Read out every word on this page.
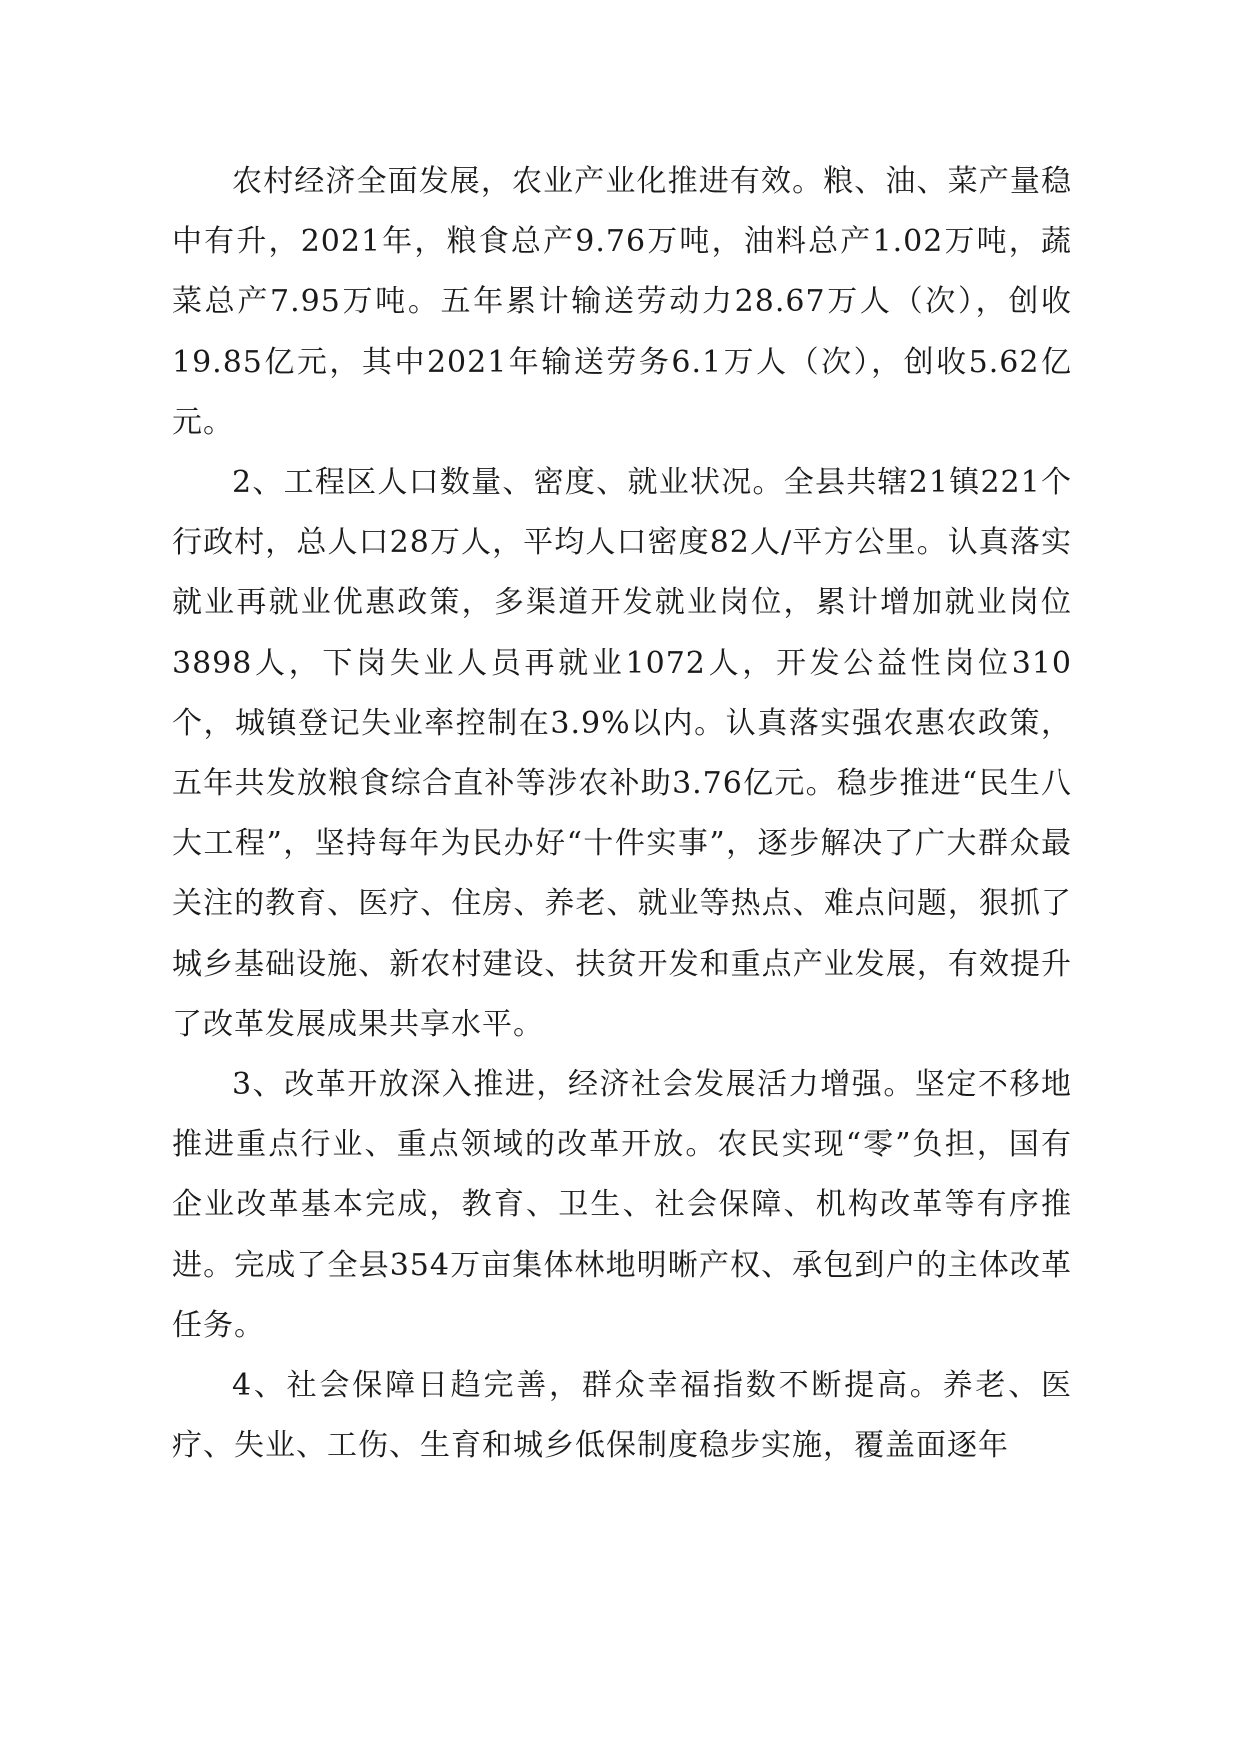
农村经济全面发展，农业产业化推进有效。粮、油、菜产量稳中有升，2021年，粮食总产9.76万吨，油料总产1.02万吨，蔬菜总产7.95万吨。五年累计输送劳动力28.67万人（次），创收19.85亿元，其中2021年输送劳务6.1万人（次），创收5.62亿元。

2、工程区人口数量、密度、就业状况。全县共辖21镇221个行政村，总人口28万人，平均人口密度82人/平方公里。认真落实就业再就业优惠政策，多渠道开发就业岗位，累计增加就业岗位3898人，下岗失业人员再就业1072人，开发公益性岗位310个，城镇登记失业率控制在3.9%以内。认真落实强农惠农政策，五年共发放粮食综合直补等涉农补助3.76亿元。稳步推进“民生八大工程”，坚持每年为民办好“十件实事”，逐步解决了广大群众最关注的教育、医疗、住房、养老、就业等热点、难点问题，狠抓了城乡基础设施、新农村建设、扶贫开发和重点产业发展，有效提升了改革发展成果共享水平。

3、改革开放深入推进，经济社会发展活力增强。坚定不移地推进重点行业、重点领域的改革开放。农民实现“零”负担，国有企业改革基本完成，教育、卫生、社会保障、机构改革等有序推进。完成了全县354万亩集体林地明晰产权、承包到户的主体改革任务。

4、社会保障日趋完善，群众幸福指数不断提高。养老、医疗、失业、工伤、生育和城乡低保制度稳步实施，覆盖面逐年
